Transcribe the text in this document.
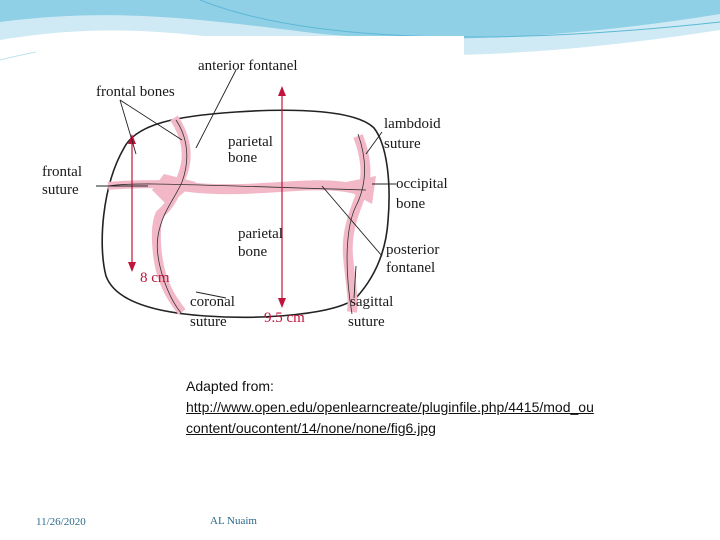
anterior fontanel
frontal bones
parietal
bone
lambdoid
suture
frontal
suture	occipital
bone
parietal
bone	posterior
fontanel
8 cm
coronal
suture 9.5 cm
sagittal
suture
Adapted from:
http://www.open.edu/openlearncreate/pluginfile.php/4415/mod_oucontent/oucontent/14/none/none/fig6.jpg
11/26/2020	AL Nuaim
